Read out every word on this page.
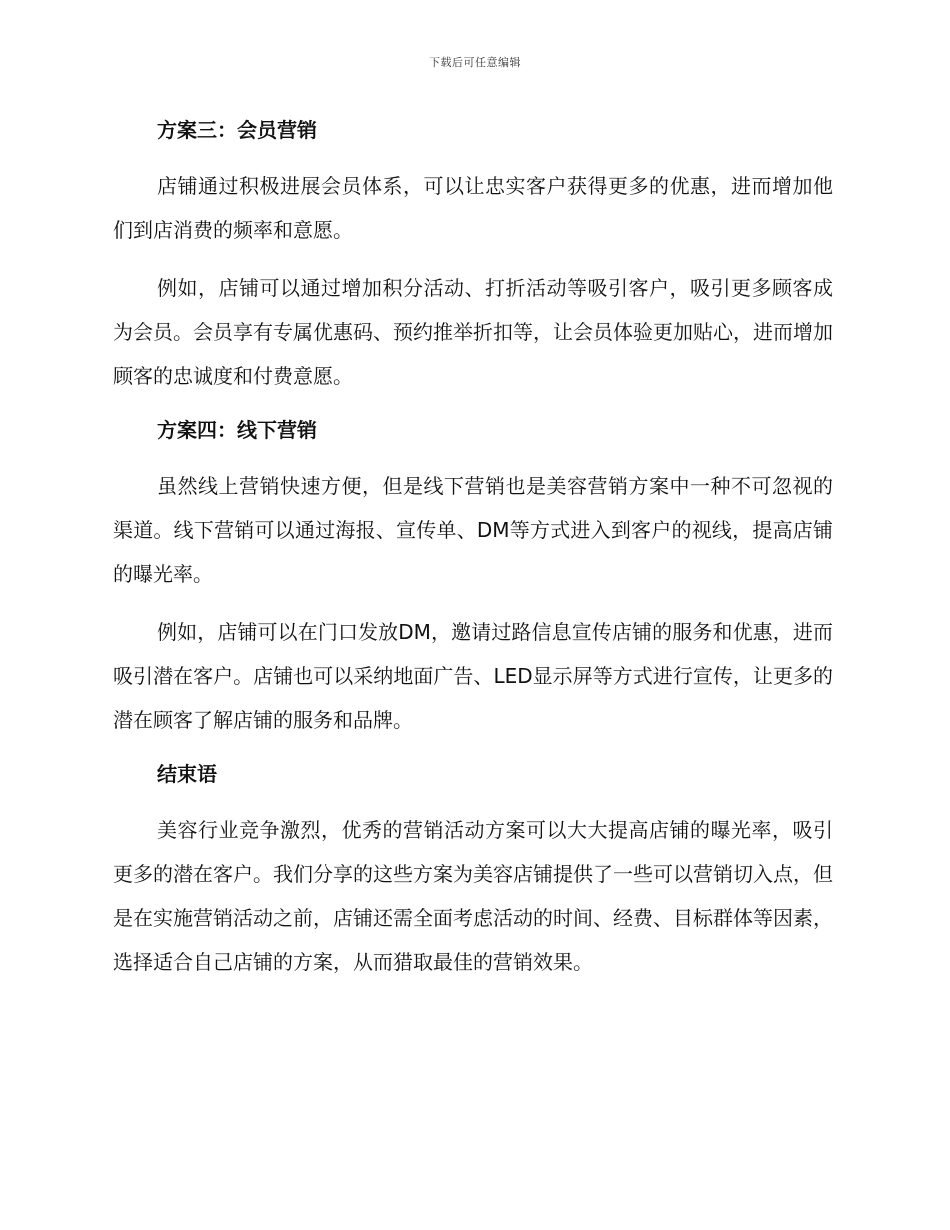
下载后可任意编辑
方案三：会员营销

店铺通过积极进展会员体系，可以让忠实客户获得更多的优惠，进而增加他们到店消费的频率和意愿。

例如，店铺可以通过增加积分活动、打折活动等吸引客户，吸引更多顾客成为会员。会员享有专属优惠码、预约推举折扣等，让会员体验更加贴心，进而增加顾客的忠诚度和付费意愿。

方案四：线下营销

虽然线上营销快速方便，但是线下营销也是美容营销方案中一种不可忽视的渠道。线下营销可以通过海报、宣传单、DM等方式进入到客户的视线，提高店铺的曝光率。

例如，店铺可以在门口发放DM，邀请过路信息宣传店铺的服务和优惠，进而吸引潜在客户。店铺也可以采纳地面广告、LED显示屏等方式进行宣传，让更多的潜在顾客了解店铺的服务和品牌。

结束语

美容行业竞争激烈，优秀的营销活动方案可以大大提高店铺的曝光率，吸引更多的潜在客户。我们分享的这些方案为美容店铺提供了一些可以营销切入点，但是在实施营销活动之前，店铺还需全面考虑活动的时间、经费、目标群体等因素，选择适合自己店铺的方案，从而猎取最佳的营销效果。
